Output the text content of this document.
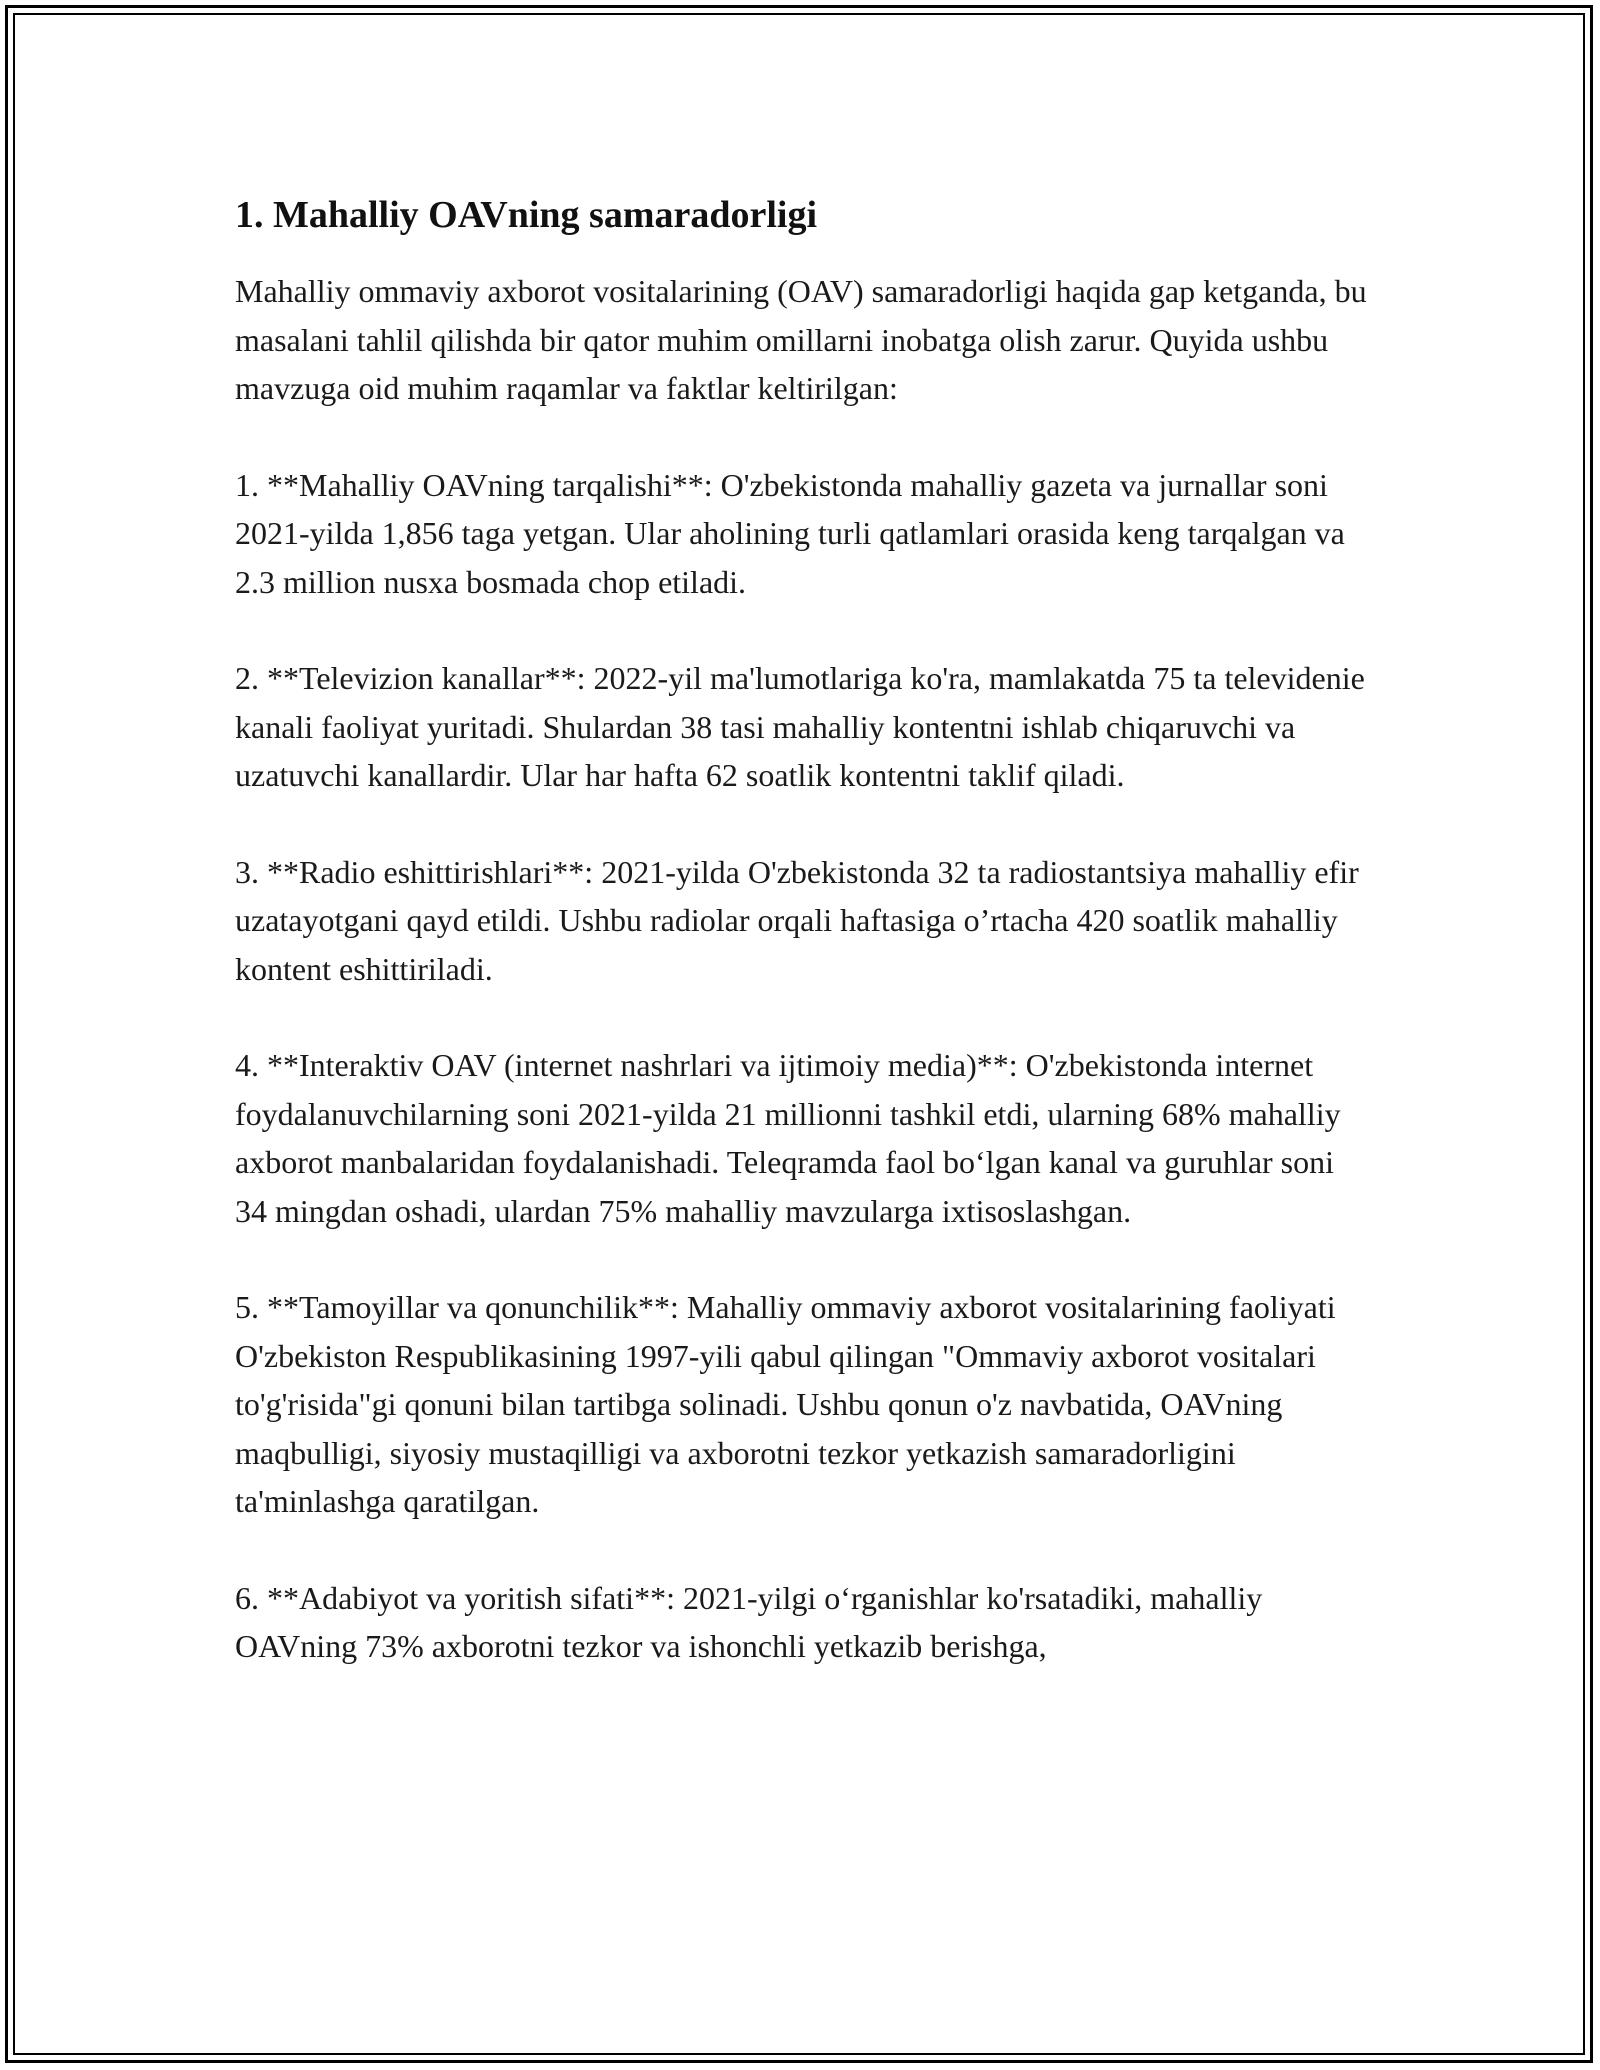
1. Mahalliy OAVning samaradorligi

Mahalliy ommaviy axborot vositalarining (OAV) samaradorligi haqida gap ketganda, bu masalani tahlil qilishda bir qator muhim omillarni inobatga olish zarur. Quyida ushbu mavzuga oid muhim raqamlar va faktlar keltirilgan:

1. **Mahalliy OAVning tarqalishi**: O'zbekistonda mahalliy gazeta va jurnallar soni 2021-yilda 1,856 taga yetgan. Ular aholining turli qatlamlari orasida keng tarqalgan va 2.3 million nusxa bosmada chop etiladi.

2. **Televizion kanallar**: 2022-yil ma'lumotlariga ko'ra, mamlakatda 75 ta televidenie kanali faoliyat yuritadi. Shulardan 38 tasi mahalliy kontentni ishlab chiqaruvchi va uzatuvchi kanallardir. Ular har hafta 62 soatlik kontentni taklif qiladi.

3. **Radio eshittirishlari**: 2021-yilda O'zbekistonda 32 ta radiostantsiya mahalliy efir uzatayotgani qayd etildi. Ushbu radiolar orqali haftasiga o’rtacha 420 soatlik mahalliy kontent eshittiriladi.

4. **Interaktiv OAV (internet nashrlari va ijtimoiy media)**: O'zbekistonda internet foydalanuvchilarning soni 2021-yilda 21 millionni tashkil etdi, ularning 68% mahalliy axborot manbalaridan foydalanishadi. Teleqramda faol bo‘lgan kanal va guruhlar soni 34 mingdan oshadi, ulardan 75% mahalliy mavzularga ixtisoslashgan.

5. **Tamoyillar va qonunchilik**: Mahalliy ommaviy axborot vositalarining faoliyati O'zbekiston Respublikasining 1997-yili qabul qilingan "Ommaviy axborot vositalari to'g'risida"gi qonuni bilan tartibga solinadi. Ushbu qonun o'z navbatida, OAVning maqbulligi, siyosiy mustaqilligi va axborotni tezkor yetkazish samaradorligini ta'minlashga qaratilgan.

6. **Adabiyot va yoritish sifati**: 2021-yilgi o‘rganishlar ko'rsatadiki, mahalliy OAVning 73% axborotni tezkor va ishonchli yetkazib berishga,
